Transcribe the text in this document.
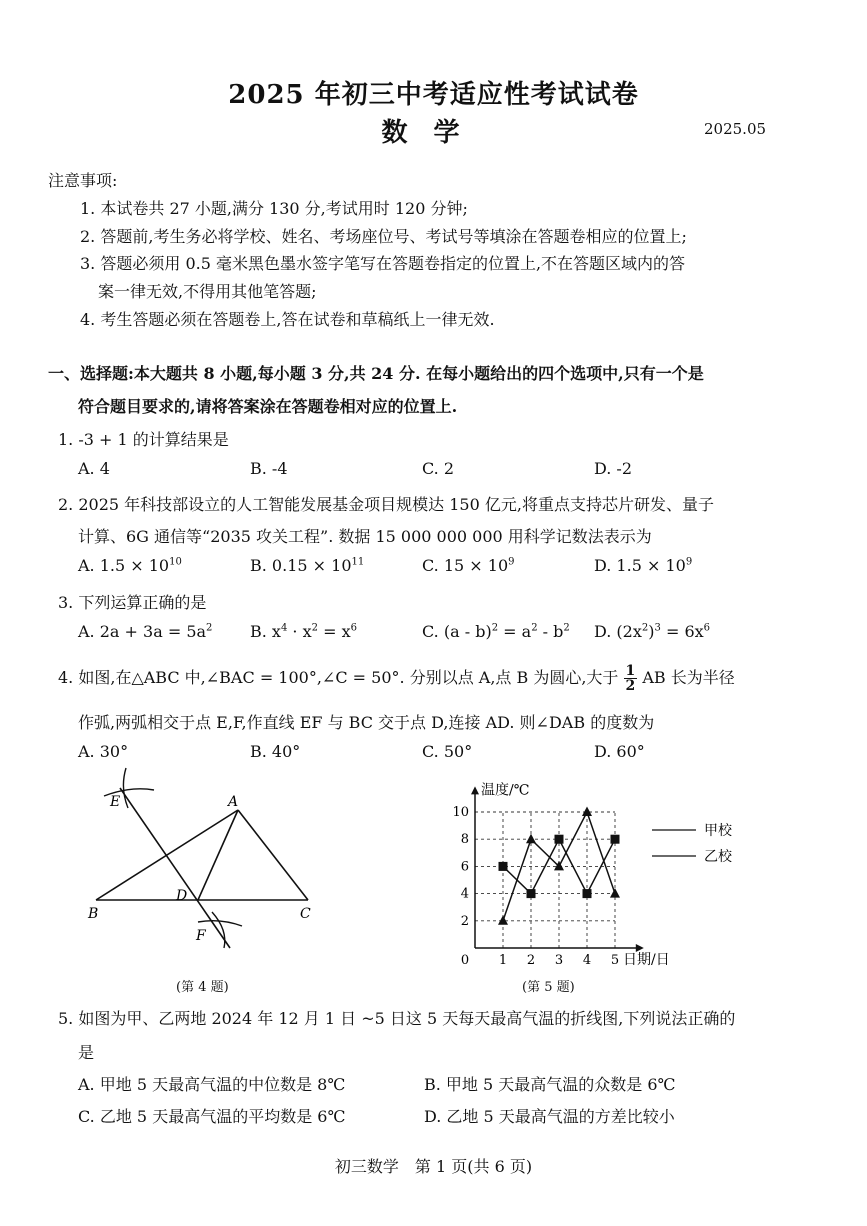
2025 年初三中考适应性考试试卷
数学	2025.05
注意事项:
1. 本试卷共 27 小题,满分 130 分,考试用时 120 分钟;
2. 答题前,考生务必将学校、姓名、考场座位号、考试号等填涂在答题卷相应的位置上;
3. 答题必须用 0.5 毫米黑色墨水签字笔写在答题卷指定的位置上,不在答题区域内的答
案一律无效,不得用其他笔答题;
4. 考生答题必须在答题卷上,答在试卷和草稿纸上一律无效.
一、选择题:本大题共 8 小题,每小题 3 分,共 24 分. 在每小题给出的四个选项中,只有一个是
符合题目要求的,请将答案涂在答题卷相对应的位置上.
1. -3 + 1 的计算结果是
A. 4	B. -4	C. 2	D. -2
2. 2025 年科技部设立的人工智能发展基金项目规模达 150 亿元,将重点支持芯片研发、量子
计算、6G 通信等“2035 攻关工程”. 数据 15 000 000 000 用科学记数法表示为
A. $1.5 \times 10^{10}$	B. $0.15 \times 10^{11}$	C. $15 \times 10^9$	D. $1.5 \times 10^9$
3. 下列运算正确的是
A. $2a + 3a = 5a^2$ B. $x^4 \cdot x^2 = x^6$	C. $(a - b)^2 = a^2 - b^2$ D. $(2x^2)^3 = 6x^6$
4. 如图,在△ABC 中,∠BAC = 100°,∠C = 50°. 分别以点 A,点 B 为圆心,大于 $\frac{1}{2}$ AB 长为半径
作弧,两弧相交于点 E,F,作直线 EF 与 BC 交于点 D,连接 AD. 则∠DAB 的度数为
A. 30°	B. 40°	C. 50°	D. 60°
E	A
B
D
C
F
(第 4 题)
1 2 3 4 5
2
4
6
8
10
0	日期/日
温度/℃
甲校
乙校
(第 5 题)
5. 如图为甲、乙两地 2024 年 12 月 1 日 ~5 日这 5 天每天最高气温的折线图,下列说法正确的
是
A. 甲地 5 天最高气温的中位数是 8℃	B. 甲地 5 天最高气温的众数是 6℃
C. 乙地 5 天最高气温的平均数是 6℃	D. 乙地 5 天最高气温的方差比较小
初三数学　第 1 页(共 6 页)
